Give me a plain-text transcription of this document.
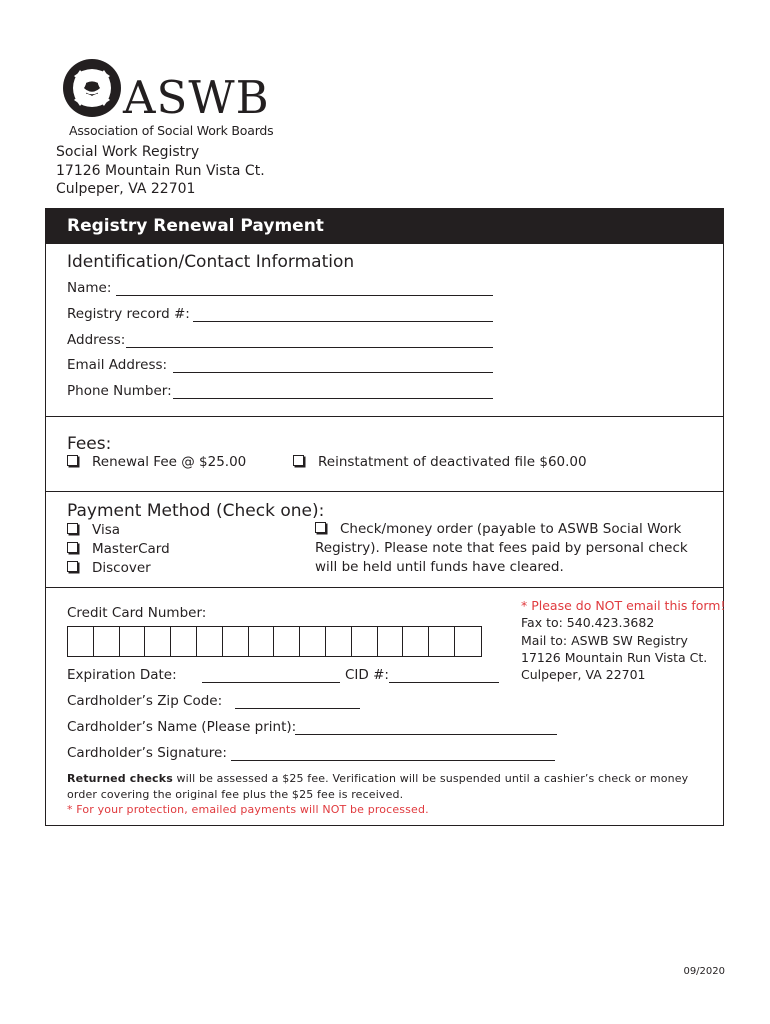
ASWB
Association of Social Work Boards
Social Work Registry
17126 Mountain Run Vista Ct.
Culpeper, VA 22701
Registry Renewal Payment
Identification/Contact Information
Name:
Registry record #:
Address:
Email Address:
Phone Number:
Fees:
Renewal Fee @ $25.00	Reinstatment of deactivated file $60.00
Payment Method (Check one):
Visa
MasterCard
Discover
Check/money order (payable to ASWB Social Work Registry). Please note that fees paid by personal check will be held until funds have cleared.
Credit Card Number:	* Please do NOT email this form!
Fax to: 540.423.3682
Mail to: ASWB SW Registry
17126 Mountain Run Vista Ct.
Culpeper, VA 22701
Expiration Date:	CID #:
Cardholder’s Zip Code:
Cardholder’s Name (Please print):
Cardholder’s Signature:
Returned checks will be assessed a $25 fee. Verification will be suspended until a cashier’s check or money order covering the original fee plus the $25 fee is received.
* For your protection, emailed payments will NOT be processed.
09/2020
